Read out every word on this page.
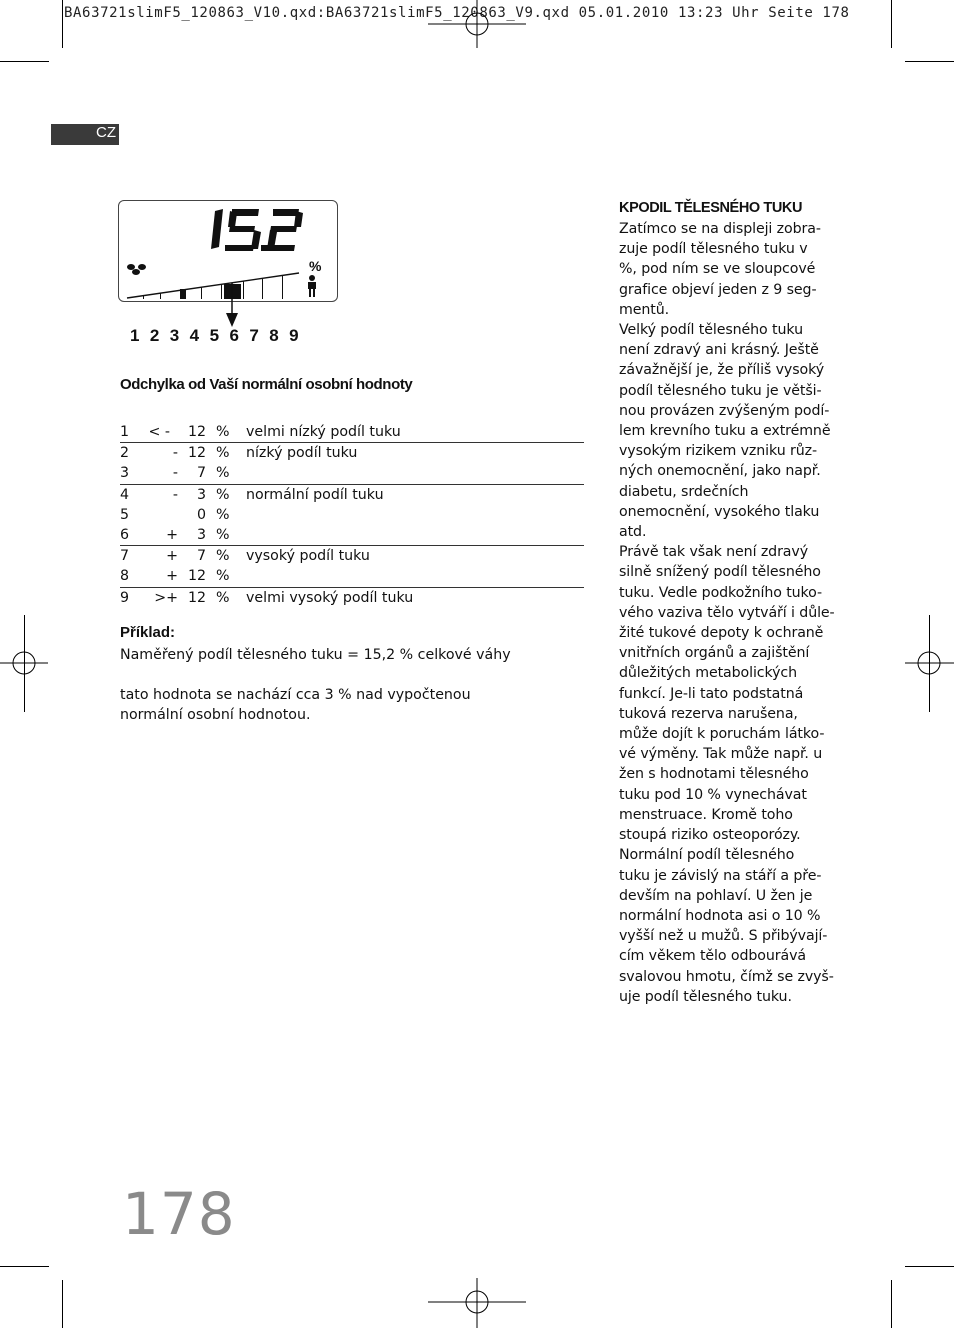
BA63721slimF5_120863_V10.qxd:BA63721slimF5_120863_V9.qxd 05.01.2010 13:23 Uhr Seite 178
CZ
%
1 2 3 4 5 6 7 8 9
Odchylka od Vaší normální osobní hodnoty
1 < - 12 % velmi nízký podíl tuku
2	- 12 % nízký podíl tuku
3	- 7 %
4	- 3 % normální podíl tuku
5	0 %
6	+ 3 %
7	+ 7 % vysoký podíl tuku
8	+ 12 %
9 >+ 12 % velmi vysoký podíl tuku
Příklad:
Naměřený podíl tělesného tuku = 15,2 % celkové váhy
tato hodnota se nachází cca 3 % nad vypočtenou
normální osobní hodnotou.
KPODIL TĚLESNÉHO TUKU
Zatímco se na displeji zobra-
zuje podíl tělesného tuku v
%, pod ním se ve sloupcové
grafice objeví jeden z 9 seg-
mentů.
Velký podíl tělesného tuku
není zdravý ani krásný. Ještě
závažnější je, že příliš vysoký
podíl tělesného tuku je větši-
nou provázen zvýšeným podí-
lem krevního tuku a extrémně
vysokým rizikem vzniku růz-
ných onemocnění, jako např.
diabetu, srdečních
onemocnění, vysokého tlaku
atd.
Právě tak však není zdravý
silně snížený podíl tělesného
tuku. Vedle podkožního tuko-
vého vaziva tělo vytváří i důle-
žité tukové depoty k ochraně
vnitřních orgánů a zajištění
důležitých metabolických
funkcí. Je-li tato podstatná
tuková rezerva narušena,
může dojít k poruchám látko-
vé výměny. Tak může např. u
žen s hodnotami tělesného
tuku pod 10 % vynechávat
menstruace. Kromě toho
stoupá riziko osteoporózy.
Normální podíl tělesného
tuku je závislý na stáří a pře-
devším na pohlaví. U žen je
normální hodnota asi o 10 %
vyšší než u mužů. S přibývají-
cím věkem tělo odbourává
svalovou hmotu, čímž se zvyš-
uje podíl tělesného tuku.
178
